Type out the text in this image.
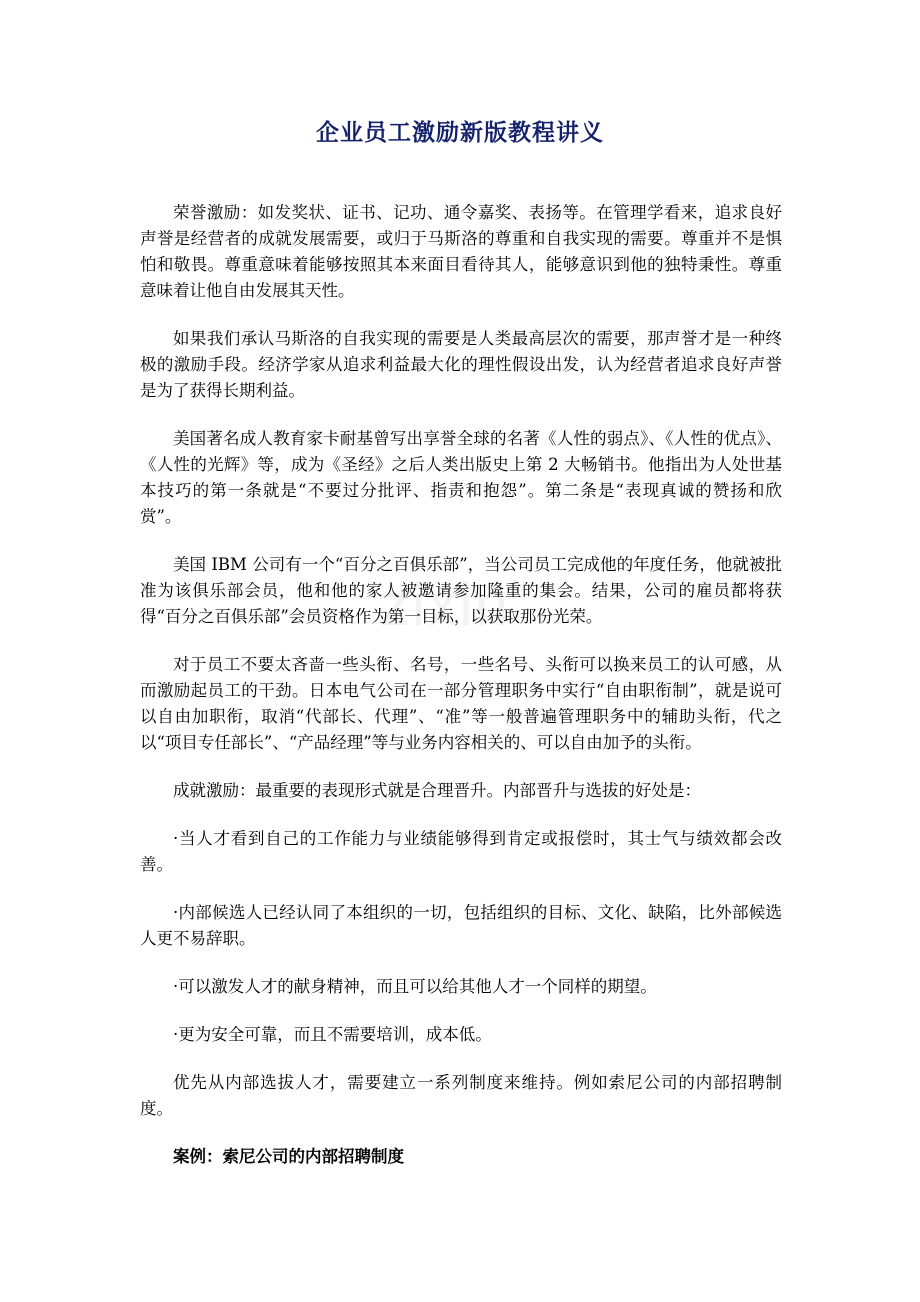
zixin
企业员工激励新版教程讲义

荣誉激励：如发奖状、证书、记功、通令嘉奖、表扬等。在管理学看来，追求良好声誉是经营者的成就发展需要，或归于马斯洛的尊重和自我实现的需要。尊重并不是惧怕和敬畏。尊重意味着能够按照其本来面目看待其人，能够意识到他的独特秉性。尊重意味着让他自由发展其天性。

如果我们承认马斯洛的自我实现的需要是人类最高层次的需要，那声誉才是一种终极的激励手段。经济学家从追求利益最大化的理性假设出发，认为经营者追求良好声誉是为了获得长期利益。

美国著名成人教育家卡耐基曾写出享誉全球的名著《人性的弱点》、《人性的优点》、《人性的光辉》等，成为《圣经》之后人类出版史上第 2 大畅销书。他指出为人处世基本技巧的第一条就是“不要过分批评、指责和抱怨”。第二条是“表现真诚的赞扬和欣赏”。

美国 IBM 公司有一个“百分之百俱乐部”，当公司员工完成他的年度任务，他就被批准为该俱乐部会员，他和他的家人被邀请参加隆重的集会。结果，公司的雇员都将获得“百分之百俱乐部”会员资格作为第一目标，以获取那份光荣。

对于员工不要太吝啬一些头衔、名号，一些名号、头衔可以换来员工的认可感，从而激励起员工的干劲。日本电气公司在一部分管理职务中实行“自由职衔制”，就是说可以自由加职衔，取消“代部长、代理”、“准”等一般普遍管理职务中的辅助头衔，代之以“项目专任部长”、“产品经理”等与业务内容相关的、可以自由加予的头衔。

成就激励：最重要的表现形式就是合理晋升。内部晋升与选拔的好处是：

·当人才看到自己的工作能力与业绩能够得到肯定或报偿时，其士气与绩效都会改善。

·内部候选人已经认同了本组织的一切，包括组织的目标、文化、缺陷，比外部候选人更不易辞职。

·可以激发人才的献身精神，而且可以给其他人才一个同样的期望。

·更为安全可靠，而且不需要培训，成本低。

优先从内部选拔人才，需要建立一系列制度来维持。例如索尼公司的内部招聘制度。

案例：索尼公司的内部招聘制度
